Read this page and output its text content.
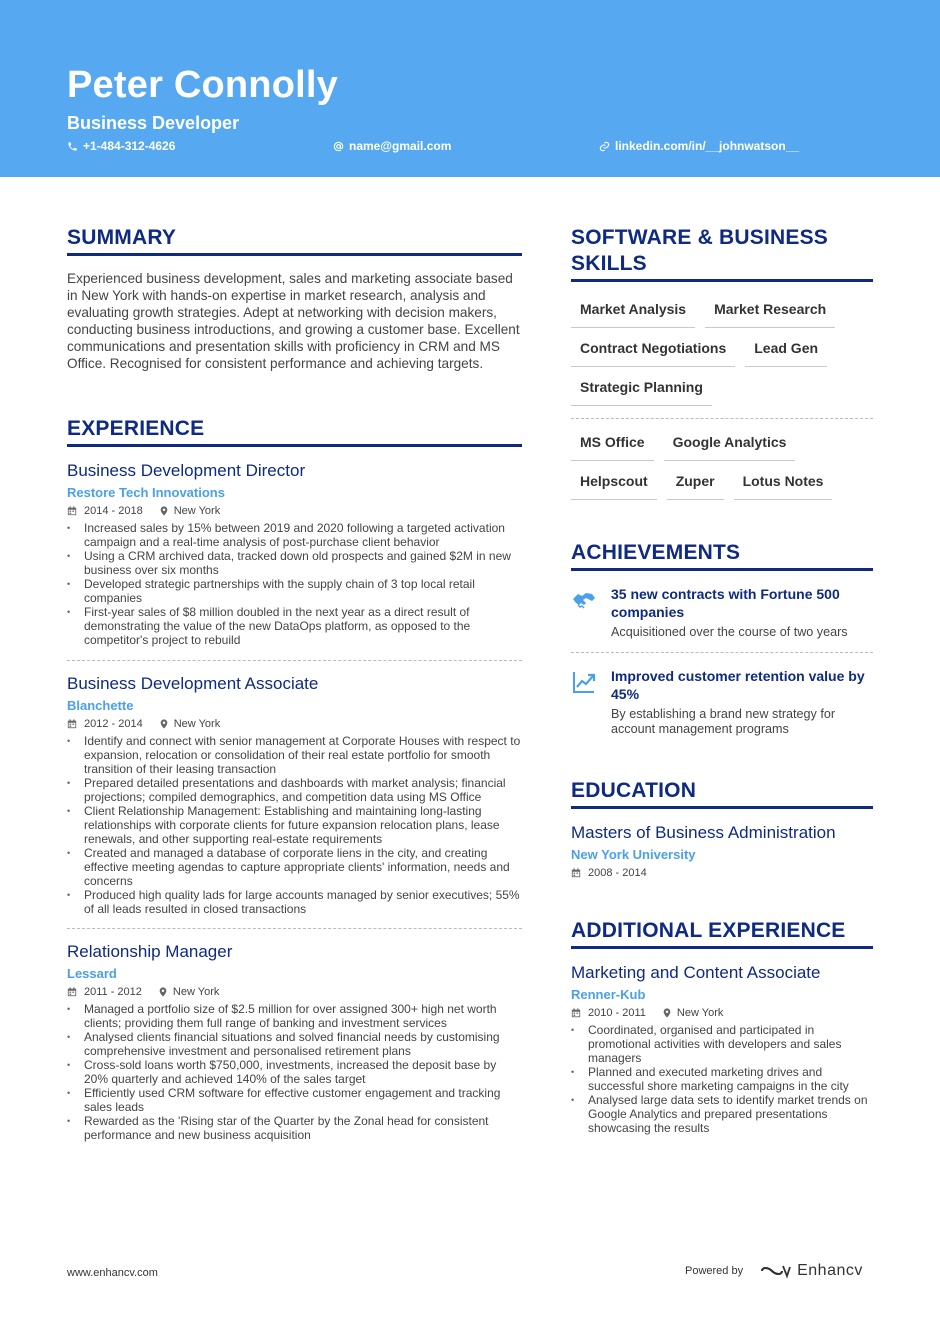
Peter Connolly
Business Developer
+1-484-312-4626	name@gmail.com	linkedin.com/in/__johnwatson__
SUMMARY
Experienced business development, sales and marketing associate based in New York with hands-on expertise in market research, analysis and evaluating growth strategies. Adept at networking with decision makers, conducting business introductions, and growing a customer base. Excellent communications and presentation skills with proficiency in CRM and MS Office. Recognised for consistent performance and achieving targets.
EXPERIENCE
Business Development Director
Restore Tech Innovations
2014 - 2018	New York
• Increased sales by 15% between 2019 and 2020 following a targeted activation campaign and a real-time analysis of post-purchase client behavior
• Using a CRM archived data, tracked down old prospects and gained $2M in new business over six months
• Developed strategic partnerships with the supply chain of 3 top local retail companies
• First-year sales of $8 million doubled in the next year as a direct result of demonstrating the value of the new DataOps platform, as opposed to the competitor's project to rebuild
Business Development Associate
Blanchette
2012 - 2014	New York
• Identify and connect with senior management at Corporate Houses with respect to expansion, relocation or consolidation of their real estate portfolio for smooth transition of their leasing transaction
• Prepared detailed presentations and dashboards with market analysis; financial projections; compiled demographics, and competition data using MS Office
• Client Relationship Management: Establishing and maintaining long-lasting relationships with corporate clients for future expansion relocation plans, lease renewals, and other supporting real-estate requirements
• Created and managed a database of corporate liens in the city, and creating effective meeting agendas to capture appropriate clients' information, needs and concerns
• Produced high quality lads for large accounts managed by senior executives; 55% of all leads resulted in closed transactions
Relationship Manager
Lessard
2011 - 2012	New York
• Managed a portfolio size of $2.5 million for over assigned 300+ high net worth clients; providing them full range of banking and investment services
• Analysed clients financial situations and solved financial needs by customising comprehensive investment and personalised retirement plans
• Cross-sold loans worth $750,000, investments, increased the deposit base by 20% quarterly and achieved 140% of the sales target
• Efficiently used CRM software for effective customer engagement and tracking sales leads
• Rewarded as the 'Rising star of the Quarter by the Zonal head for consistent performance and new business acquisition
SOFTWARE & BUSINESS
SKILLS
Market Analysis	Market Research
Contract Negotiations	Lead Gen
Strategic Planning
MS Office	Google Analytics
Helpscout	Zuper	Lotus Notes
ACHIEVEMENTS
35 new contracts with Fortune 500 companies
Acquisitioned over the course of two years
Improved customer retention value by 45%
By establishing a brand new strategy for account management programs
EDUCATION
Masters of Business Administration
New York University
2008 - 2014
ADDITIONAL EXPERIENCE
Marketing and Content Associate
Renner-Kub
2010 - 2011	New York
• Coordinated, organised and participated in promotional activities with developers and sales managers
• Planned and executed marketing drives and successful shore marketing campaigns in the city
• Analysed large data sets to identify market trends on Google Analytics and prepared presentations showcasing the results
www.enhancv.com	Powered by	Enhancv
